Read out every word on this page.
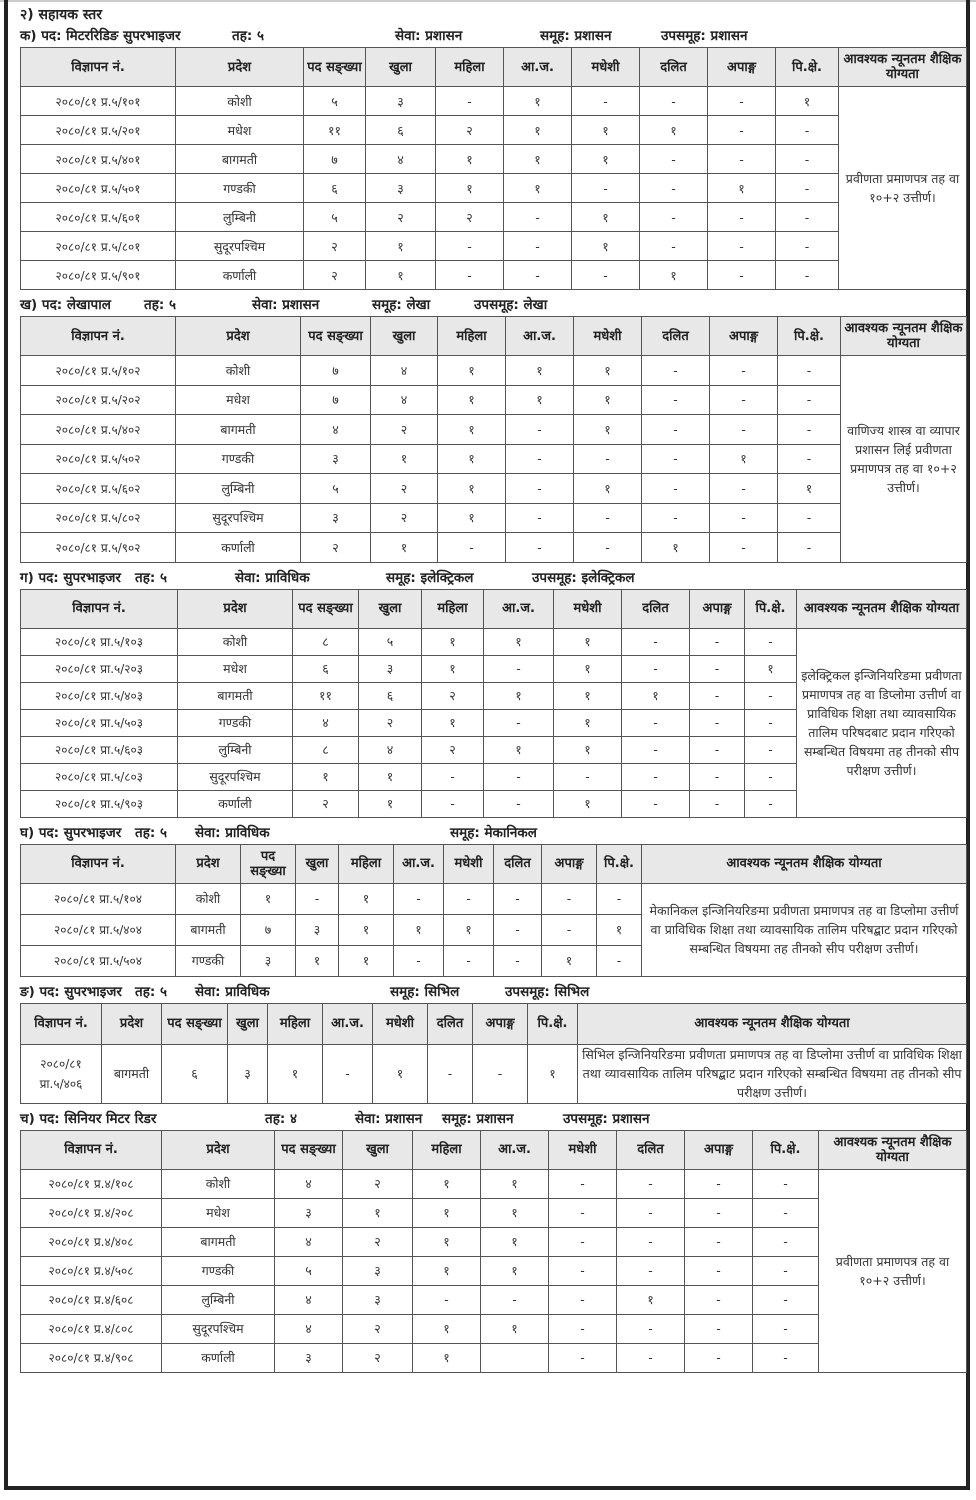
२) सहायक स्तर
क) पद: मिटररिडिङ सुपरभाइजर	तह: ५	सेवा: प्रशासन	समूह: प्रशासन	उपसमूह: प्रशासन
विज्ञापन नं.	प्रदेश	पद सङ्ख्या	खुला	महिला	आ.ज.	मधेशी	दलित	अपाङ्ग	पि.क्षे.	आवश्यक न्यूनतम शैक्षिक योग्यता
२०८०/८१ प्र.५/१०१	कोशी	५	३	-	१	-	-	-	१	प्रवीणता प्रमाणपत्र तह वा १०+२ उत्तीर्ण।
२०८०/८१ प्र.५/२०१	मधेश	११	६	२	१	१	१	-	-	
२०८०/८१ प्र.५/४०१	बागमती	७	४	१	१	१	-	-	-	
२०८०/८१ प्र.५/५०१	गण्डकी	६	३	१	१	-	-	१	-	
२०८०/८१ प्र.५/६०१	लुम्बिनी	५	२	२	-	१	-	-	-	
२०८०/८१ प्र.५/८०१	सुदूरपश्चिम	२	१	-	-	१	-	-	-	
२०८०/८१ प्र.५/९०१	कर्णाली	२	१	-	-	-	१	-	-	
ख) पद: लेखापाल तह: ५	सेवा: प्रशासन	समूह: लेखा	उपसमूह: लेखा
विज्ञापन नं.	प्रदेश	पद सङ्ख्या	खुला	महिला	आ.ज.	मधेशी	दलित	अपाङ्ग	पि.क्षे.	आवश्यक न्यूनतम शैक्षिक योग्यता
२०८०/८१ प्र.५/१०२	कोशी	७	४	१	१	१	-	-	-	वाणिज्य शास्त्र वा व्यापार प्रशासन लिई प्रवीणता प्रमाणपत्र तह वा १०+२ उत्तीर्ण।
२०८०/८१ प्र.५/२०२	मधेश	७	४	१	१	१	-	-	-	
२०८०/८१ प्र.५/४०२	बागमती	४	२	१	-	१	-	-	-	
२०८०/८१ प्र.५/५०२	गण्डकी	३	१	१	-	-	-	१	-	
२०८०/८१ प्र.५/६०२	लुम्बिनी	५	२	१	-	१	-	-	१	
२०८०/८१ प्र.५/८०२	सुदूरपश्चिम	३	२	१	-	-	-	-	-	
२०८०/८१ प्र.५/९०२	कर्णाली	२	१	-	-	-	१	-	-	
ग) पद: सुपरभाइजर तह: ५	सेवा: प्राविधिक	समूह: इलेक्ट्रिकल	उपसमूह: इलेक्ट्रिकल
विज्ञापन नं.	प्रदेश	पद सङ्ख्या	खुला	महिला	आ.ज.	मधेशी	दलित	अपाङ्ग	पि.क्षे.	आवश्यक न्यूनतम शैक्षिक योग्यता
२०८०/८१ प्रा.५/१०३	कोशी	८	५	१	१	१	-	-	-	इलेक्ट्रिकल इन्जिनियरिङमा प्रवीणता प्रमाणपत्र तह वा डिप्लोमा उत्तीर्ण वा प्राविधिक शिक्षा तथा व्यावसायिक तालिम परिषदबाट प्रदान गरिएको सम्बन्धित विषयमा तह तीनको सीप परीक्षण उत्तीर्ण।
२०८०/८१ प्रा.५/२०३	मधेश	६	३	१	-	१	-	-	१	
२०८०/८१ प्रा.५/४०३	बागमती	११	६	२	१	१	१	-	-	
२०८०/८१ प्रा.५/५०३	गण्डकी	४	२	१	-	१	-	-	-	
२०८०/८१ प्रा.५/६०३	लुम्बिनी	८	४	२	१	१	-	-	-	
२०८०/८१ प्रा.५/८०३	सुदूरपश्चिम	१	१	-	-	-	-	-	-	
२०८०/८१ प्रा.५/९०३	कर्णाली	२	१	-	-	१	-	-	-	
घ) पद: सुपरभाइजर तह: ५ सेवा: प्राविधिक	समूह: मेकानिकल
विज्ञापन नं.	प्रदेश	पद सङ्ख्या	खुला	महिला	आ.ज.	मधेशी	दलित	अपाङ्ग	पि.क्षे.	आवश्यक न्यूनतम शैक्षिक योग्यता
२०८०/८१ प्रा.५/१०४	कोशी	१	-	१	-	-	-	-	-	मेकानिकल इन्जिनियरिङमा प्रवीणता प्रमाणपत्र तह वा डिप्लोमा उत्तीर्ण वा प्राविधिक शिक्षा तथा व्यावसायिक तालिम परिषद्बाट प्रदान गरिएको सम्बन्धित विषयमा तह तीनको सीप परीक्षण उत्तीर्ण।
२०८०/८१ प्रा.५/४०४	बागमती	७	३	१	१	१	-	-	१	
२०८०/८१ प्रा.५/५०४	गण्डकी	३	१	१	-	-	-	१	-	
ङ) पद: सुपरभाइजर तह: ५ सेवा: प्राविधिक	समूह: सिभिल	उपसमूह: सिभिल
विज्ञापन नं.	प्रदेश	पद सङ्ख्या	खुला	महिला	आ.ज.	मधेशी	दलित	अपाङ्ग	पि.क्षे.	आवश्यक न्यूनतम शैक्षिक योग्यता
२०८०/८१ प्रा.५/४०६	बागमती	६	३	१	-	१	-	-	१	सिभिल इन्जिनियरिङमा प्रवीणता प्रमाणपत्र तह वा डिप्लोमा उत्तीर्ण वा प्राविधिक शिक्षा तथा व्यावसायिक तालिम परिषद्बाट प्रदान गरिएको सम्बन्धित विषयमा तह तीनको सीप परीक्षण उत्तीर्ण।
च) पद: सिनियर मिटर रिडर	तह: ४	सेवा: प्रशासन समूह: प्रशासन	उपसमूह: प्रशासन
विज्ञापन नं.	प्रदेश	पद सङ्ख्या	खुला	महिला	आ.ज.	मधेशी	दलित	अपाङ्ग	पि.क्षे.	आवश्यक न्यूनतम शैक्षिक योग्यता
२०८०/८१ प्र.४/१०८	कोशी	४	२	१	१	-	-	-	-	प्रवीणता प्रमाणपत्र तह वा १०+२ उत्तीर्ण।
२०८०/८१ प्र.४/२०८	मधेश	३	१	१	१	-	-	-	-	
२०८०/८१ प्र.४/४०८	बागमती	४	२	१	१	-	-	-	-	
२०८०/८१ प्र.४/५०८	गण्डकी	५	३	१	१	-	-	-	-	
२०८०/८१ प्र.४/६०८	लुम्बिनी	४	३	-	-	-	१	-	-	
२०८०/८१ प्र.४/८०८	सुदूरपश्चिम	४	२	१	१	-	-	-	-	
२०८०/८१ प्र.४/९०८	कर्णाली	३	२	१		-	-	-	-	
